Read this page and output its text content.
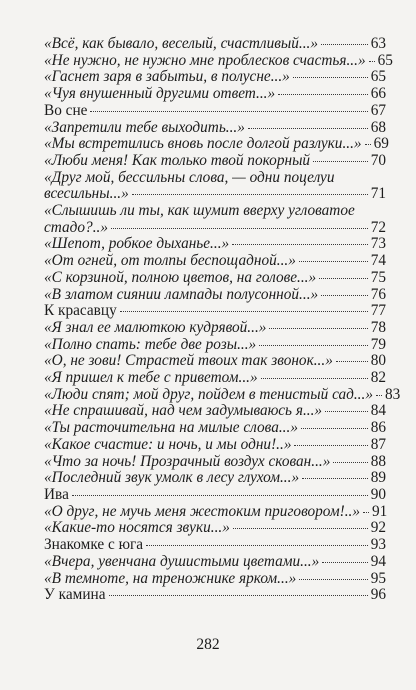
«Всё, как бывало, веселый, счастливый...»	63
«Не нужно, не нужно мне проблесков счастья...» 65
«Гаснет заря в забытьи, в полусне...»	65
«Чуя внушенный другими ответ...»	66
Во сне	67
«Запретили тебе выходить...»	68
«Мы встретились вновь после долгой разлуки...» 69
«Люби меня! Как только твой покорный	70
«Друг мой, бессильны слова, — одни поцелуи
всесильны...»	71
«Слышишь ли ты, как шумит вверху угловатое
стадо?..»	72
«Шепот, робкое дыханье...»	73
«От огней, от толпы беспощадной...»	74
«С корзиной, полною цветов, на голове...»	75
«В златом сиянии лампады полусонной...»	76
К красавцу	77
«Я знал ее малюткою кудрявой...»	78
«Полно спать: тебе две розы...»	79
«О, не зови! Страстей твоих так звонок...» 80
«Я пришел к тебе с приветом...»	82
«Люди спят; мой друг, пойдем в тенистый сад...» 83
«Не спрашивай, над чем задумываюсь я...»	84
«Ты расточительна на милые слова...»	86
«Какое счастие: и ночь, и мы одни!..»	87
«Что за ночь! Прозрачный воздух скован...»	88
«Последний звук умолк в лесу глухом...»	89
Ива	90
«О друг, не мучь меня жестоким приговором!..» 91
«Какие-то носятся звуки...»	92
Знакомке с юга	93
«Вчера, увенчана душистыми цветами...»	94
«В темноте, на треножнике ярком...»	95
У камина	96
282
